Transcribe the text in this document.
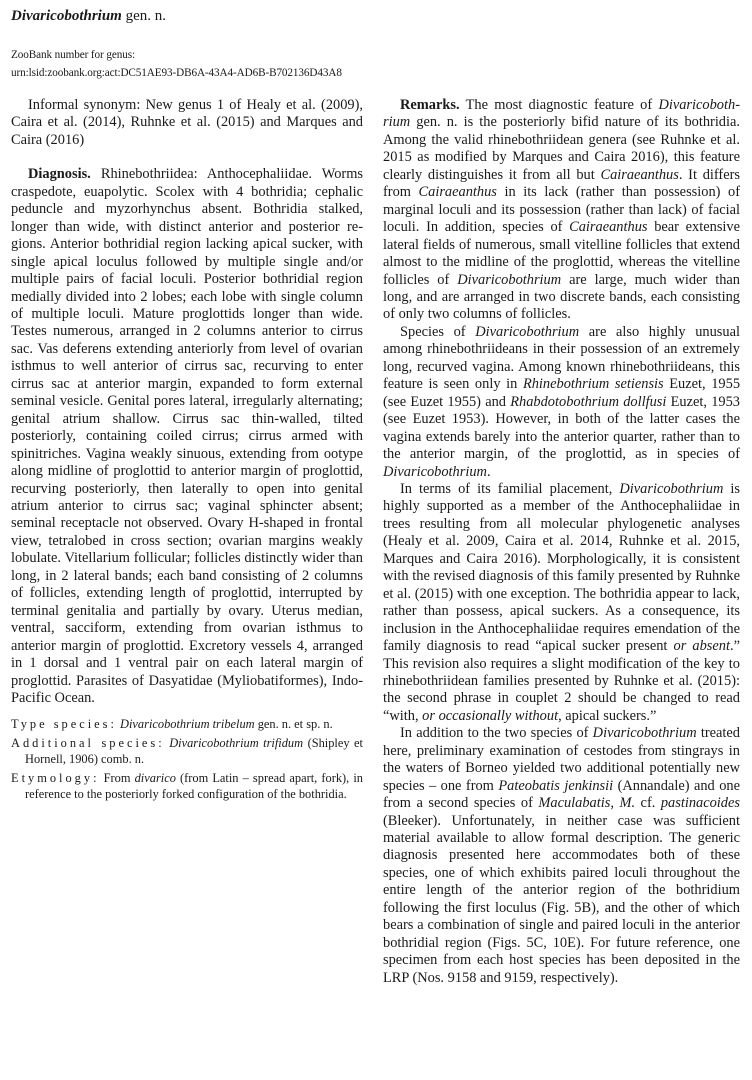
Divaricobothrium gen. n.
ZooBank number for genus:
urn:lsid:zoobank.org:act:DC51AE93-DB6A-43A4-AD6B-B702136D43A8

Informal synonym: New genus 1 of Healy et al. (2009), Caira et al. (2014), Ruhnke et al. (2015) and Marques and Caira (2016)

Diagnosis. Rhinebothriidea: Anthocephaliidae. Worms craspedote, euapolytic. Scolex with 4 bothridia; cephalic peduncle and myzorhynchus absent. Bothridia stalked, longer than wide, with distinct anterior and posterior regions. Anterior bothridial region lacking apical sucker, with single apical loculus followed by multiple single and/​or multiple pairs of facial loculi. Posterior bothridial region medially divided into 2 lobes; each lobe with single column of multiple loculi. Mature proglottids longer than wide. Testes numerous, arranged in 2 columns anterior to cirrus sac. Vas deferens extending anteriorly from level of ovarian isthmus to well anterior of cirrus sac, recurving to enter cirrus sac at anterior margin, expanded to form external seminal vesicle. Genital pores lateral, irregularly alternating; genital atrium shallow. Cirrus sac thin-walled, tilted posteriorly, containing coiled cirrus; cirrus armed with spinitriches. Vagina weakly sinuous, extending from ootype along midline of proglottid to anterior margin of proglottid, recurving posteriorly, then laterally to open into genital atrium anterior to cirrus sac; vaginal sphincter absent; seminal receptacle not observed. Ovary H-shaped in frontal view, tetralobed in cross section; ovarian margins weakly lobulate. Vitellarium follicular; follicles distinctly wider than long, in 2 lateral bands; each band consisting of 2 columns of follicles, extending length of proglottid, interrupted by terminal genitalia and partially by ovary. Uterus median, ventral, sacciform, extending from ovarian isthmus to anterior margin of proglottid. Excretory vessels 4, arranged in 1 dorsal and 1 ventral pair on each lateral margin of proglottid. Parasites of Dasyatidae (Myliobatiformes), Indo-Pacific Ocean.

Type species: Divaricobothrium tribelum gen. n. et sp. n.

Additional species: Divaricobothrium trifidum (Shipley et Hornell, 1906) comb. n.

Etymology: From divarico (from Latin – spread apart, fork), in reference to the posteriorly forked configuration of the bothridia.

Remarks. The most diagnostic feature of Divaricobothrium gen. n. is the posteriorly bifid nature of its bothridia. Among the valid rhinebothriidean genera (see Ruhnke et al. 2015 as modified by Marques and Caira 2016), this feature clearly distinguishes it from all but Cairaeanthus. It differs from Cairaeanthus in its lack (rather than possession) of marginal loculi and its possession (rather than lack) of facial loculi. In addition, species of Cairaeanthus bear extensive lateral fields of numerous, small vitelline follicles that extend almost to the midline of the proglottid, whereas the vitelline follicles of Divaricobothrium are large, much wider than long, and are arranged in two discrete bands, each consisting of only two columns of follicles.

Species of Divaricobothrium are also highly unusual among rhinebothriideans in their possession of an extremely long, recurved vagina. Among known rhinebothriideans, this feature is seen only in Rhinebothrium setiensis Euzet, 1955 (see Euzet 1955) and Rhabdotobothrium dollfusi Euzet, 1953 (see Euzet 1953). However, in both of the latter cases the vagina extends barely into the anterior quarter, rather than to the anterior margin, of the proglottid, as in species of Divaricobothrium.

In terms of its familial placement, Divaricobothrium is highly supported as a member of the Anthocephaliidae in trees resulting from all molecular phylogenetic analyses (Healy et al. 2009, Caira et al. 2014, Ruhnke et al. 2015, Marques and Caira 2016). Morphologically, it is consistent with the revised diagnosis of this family presented by Ruhnke et al. (2015) with one exception. The bothridia appear to lack, rather than possess, apical suckers. As a consequence, its inclusion in the Anthocephaliidae requires emendation of the family diagnosis to read “apical sucker present or absent.” This revision also requires a slight modification of the key to rhinebothriidean families presented by Ruhnke et al. (2015): the second phrase in couplet 2 should be changed to read “with, or occasionally without, apical suckers.”

In addition to the two species of Divaricobothrium treated here, preliminary examination of cestodes from stingrays in the waters of Borneo yielded two additional potentially new species – one from Pateobatis jenkinsii (Annandale) and one from a second species of Maculabatis, M. cf. pastinacoides (Bleeker). Unfortunately, in neither case was sufficient material available to allow formal description. The generic diagnosis presented here accommodates both of these species, one of which exhibits paired loculi throughout the entire length of the anterior region of the bothridium following the first loculus (Fig. 5B), and the other of which bears a combination of single and paired loculi in the anterior bothridial region (Figs. 5C, 10E). For future reference, one specimen from each host species has been deposited in the LRP (Nos. 9158 and 9159, respectively).
